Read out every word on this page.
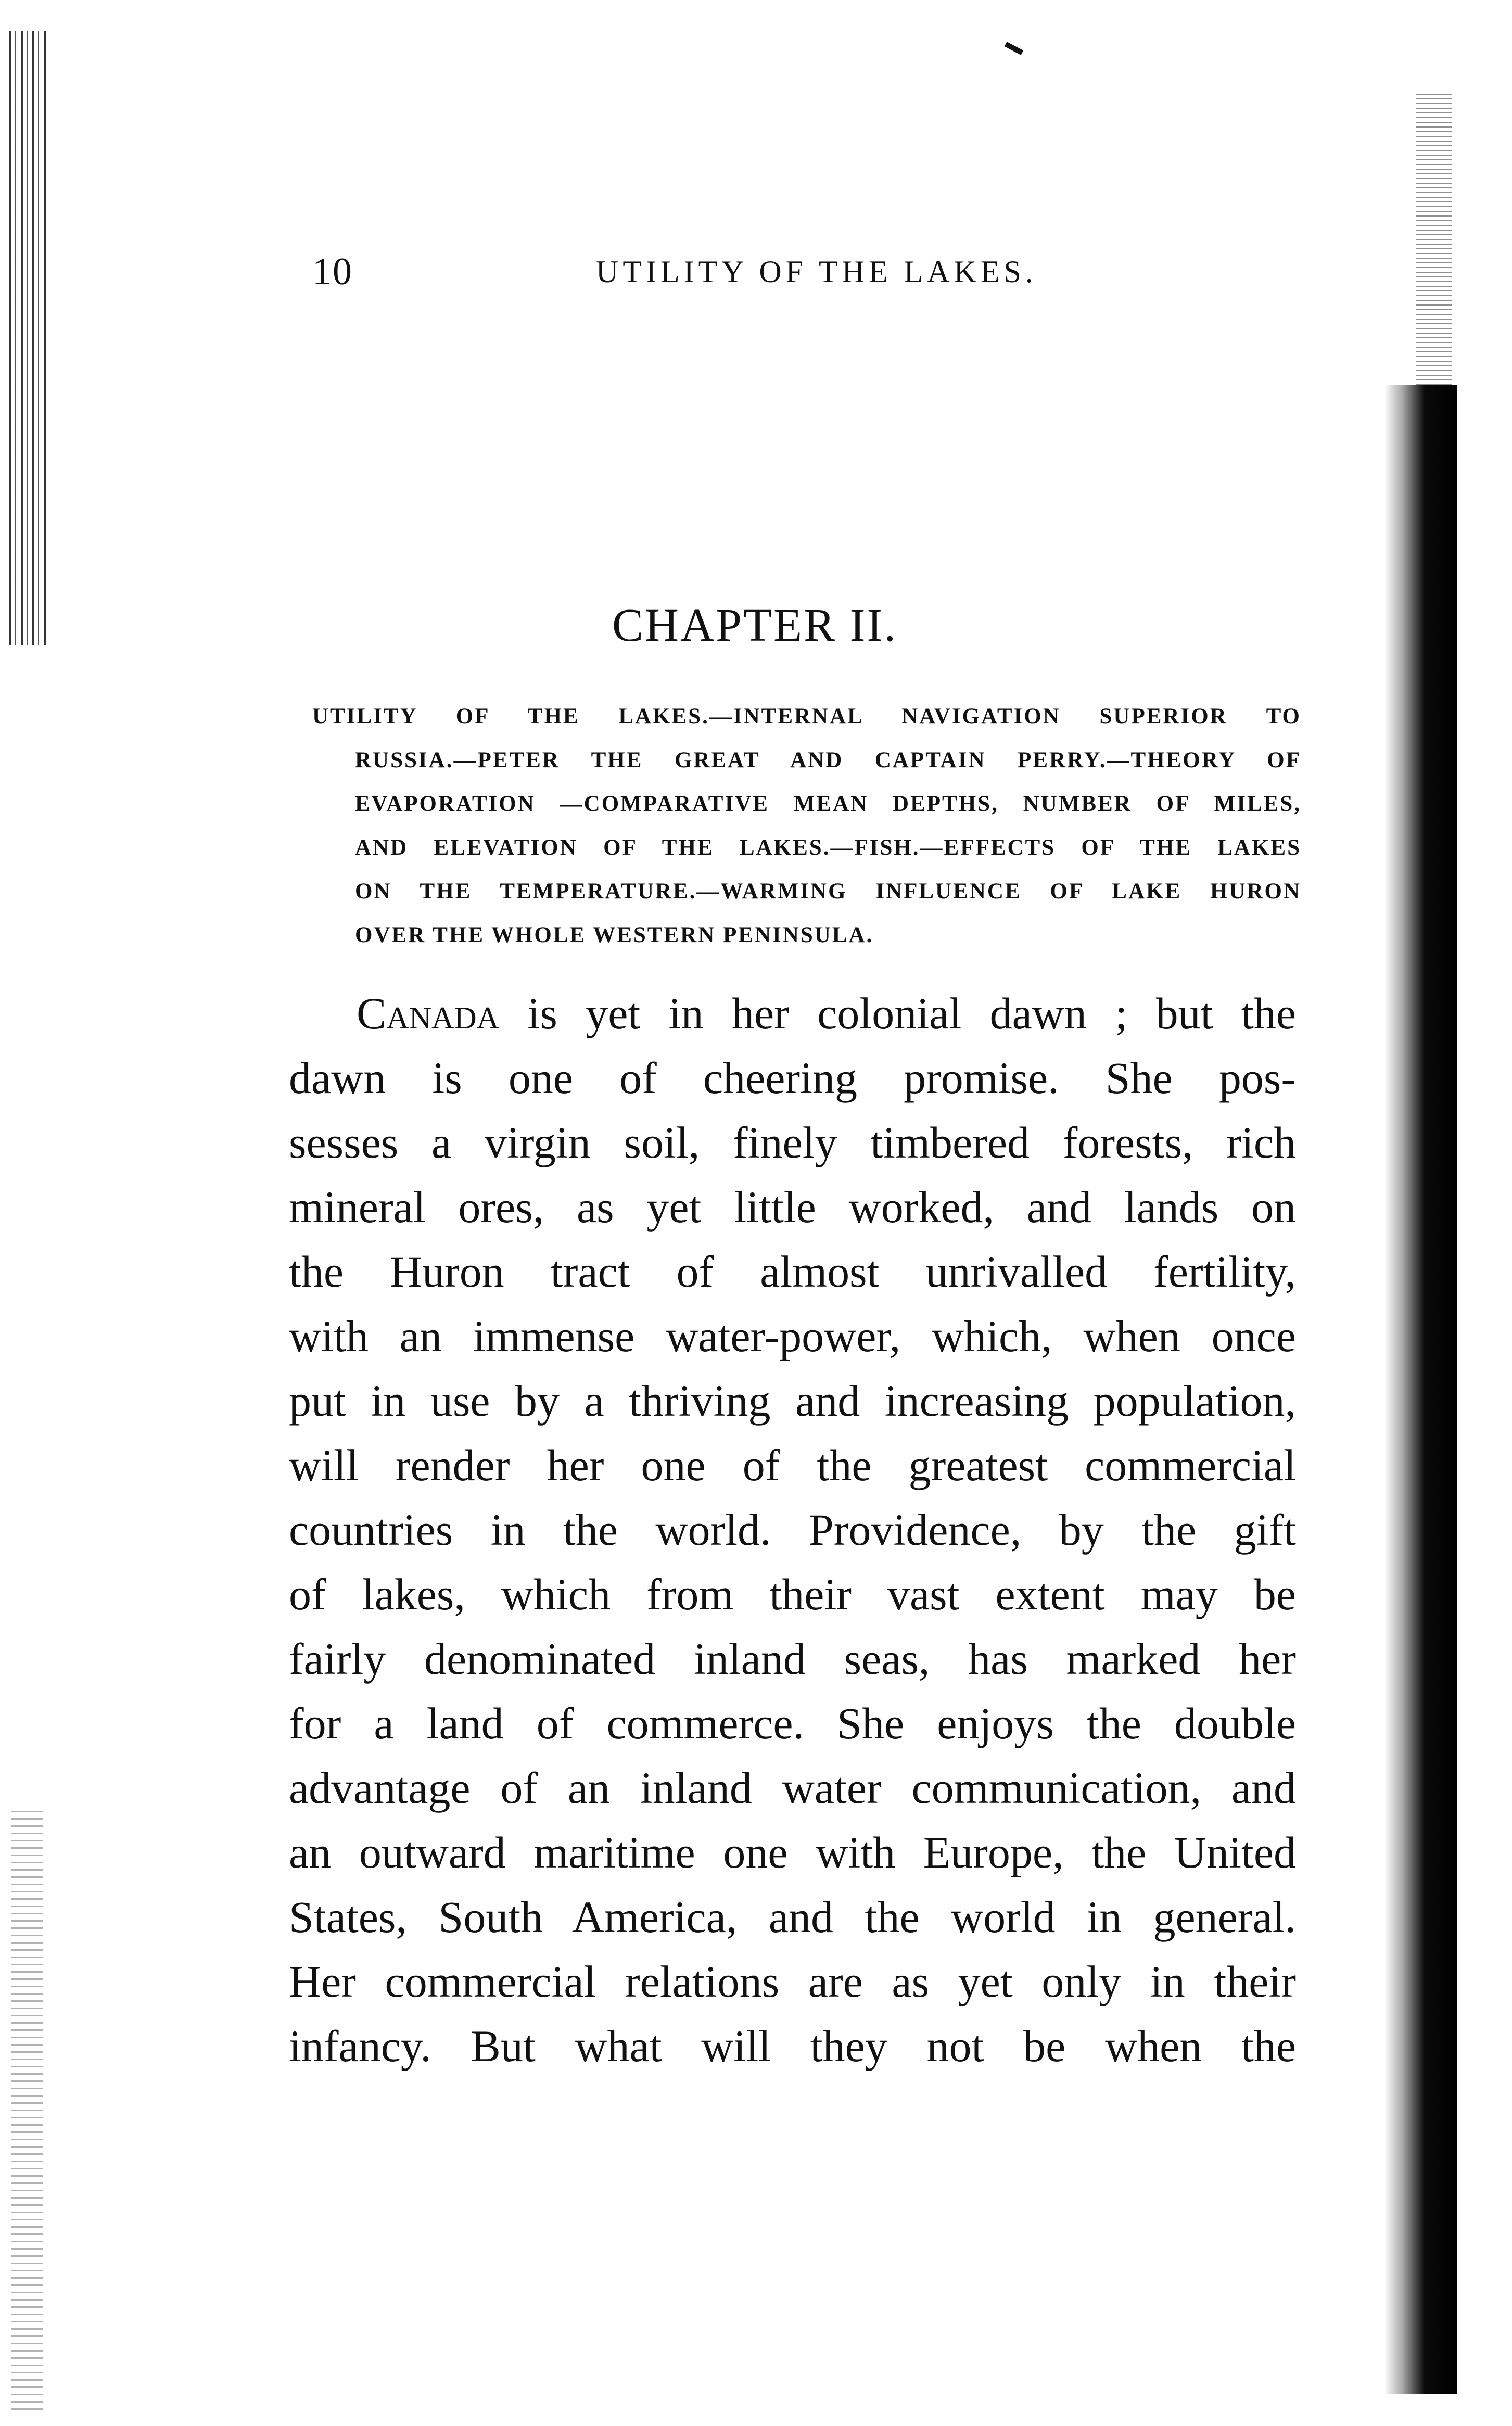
10	UTILITY OF THE LAKES.
CHAPTER II.
UTILITY OF THE LAKES.—INTERNAL NAVIGATION SUPERIOR TO
RUSSIA.—PETER THE GREAT AND CAPTAIN PERRY.—THEORY OF
EVAPORATION —COMPARATIVE MEAN DEPTHS, NUMBER OF MILES,
AND ELEVATION OF THE LAKES.—FISH.—EFFECTS OF THE LAKES
ON THE TEMPERATURE.—WARMING INFLUENCE OF LAKE HURON
OVER THE WHOLE WESTERN PENINSULA.
Canada is yet in her colonial dawn ; but the
dawn is one of cheering promise. She pos-
sesses a virgin soil, finely timbered forests, rich
mineral ores, as yet little worked, and lands on
the Huron tract of almost unrivalled fertility,
with an immense water-power, which, when once
put in use by a thriving and increasing population,
will render her one of the greatest commercial
countries in the world. Providence, by the gift
of lakes, which from their vast extent may be
fairly denominated inland seas, has marked her
for a land of commerce. She enjoys the double
advantage of an inland water communication, and
an outward maritime one with Europe, the United
States, South America, and the world in general.
Her commercial relations are as yet only in their
infancy. But what will they not be when the
